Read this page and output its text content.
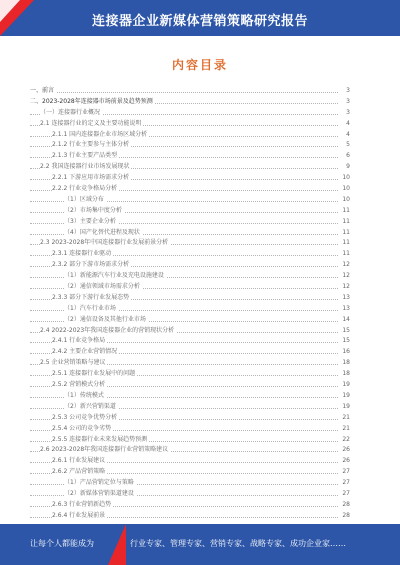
连接器企业新媒体营销策略研究报告
内容目录
一、前言	3
二、2023-2028年连接器市场前景及趋势预测	3
（一）连接器行业概况	3
2.1 连接器行业的定义及主要功能说明	4
2.1.1 国内连接器企业市场区域分析	4
2.1.2 行业主要参与主体分析	5
2.1.3 行业主要产品类型	6
2.2 我国连接器行业市场发展现状	9
2.2.1 下游应用市场需求分析	10
2.2.2 行业竞争格局分析	10
（1）区域分布	10
（2）市场集中度分析	11
（3）主要企业分析	11
（4）国产化替代进程及现状	11
2.3 2023-2028年中国连接器行业发展前景分析	11
2.3.1 连接器行业驱动	11
2.3.2 部分下游市场需求分析	12
（1）新能源汽车行业及充电设施建设	12
（2）通信领域市场需求分析	12
2.3.3 部分下游行业发展态势	13
（1）汽车行业市场	13
（2）通信设备及其他行业市场	14
2.4 2022-2023年我国连接器企业的营销现状分析	15
2.4.1 行业竞争格局	15
2.4.2 主要企业营销情况	16
2.5 企业营销策略与建议	18
2.5.1 连接器行业发展中的问题	18
2.5.2 营销模式分析	19
（1）传统模式	19
（2）新兴营销渠道	19
2.5.3 公司竞争优势分析	21
2.5.4 公司的竞争劣势	21
2.5.5 连接器行业未来发展趋势预测	22
2.6 2023-2028年我国连接器行业营销策略建议	26
2.6.1 行业发展建议	26
2.6.2 产品营销策略	27
（1）产品营销定位与策略	27
（2）新媒体营销渠道建设	27
2.6.3 行业营销新趋势	28
2.6.4 行业发展前景	28
让每个人都能成为	行业专家、管理专家、营销专家、战略专家、成功企业家……
